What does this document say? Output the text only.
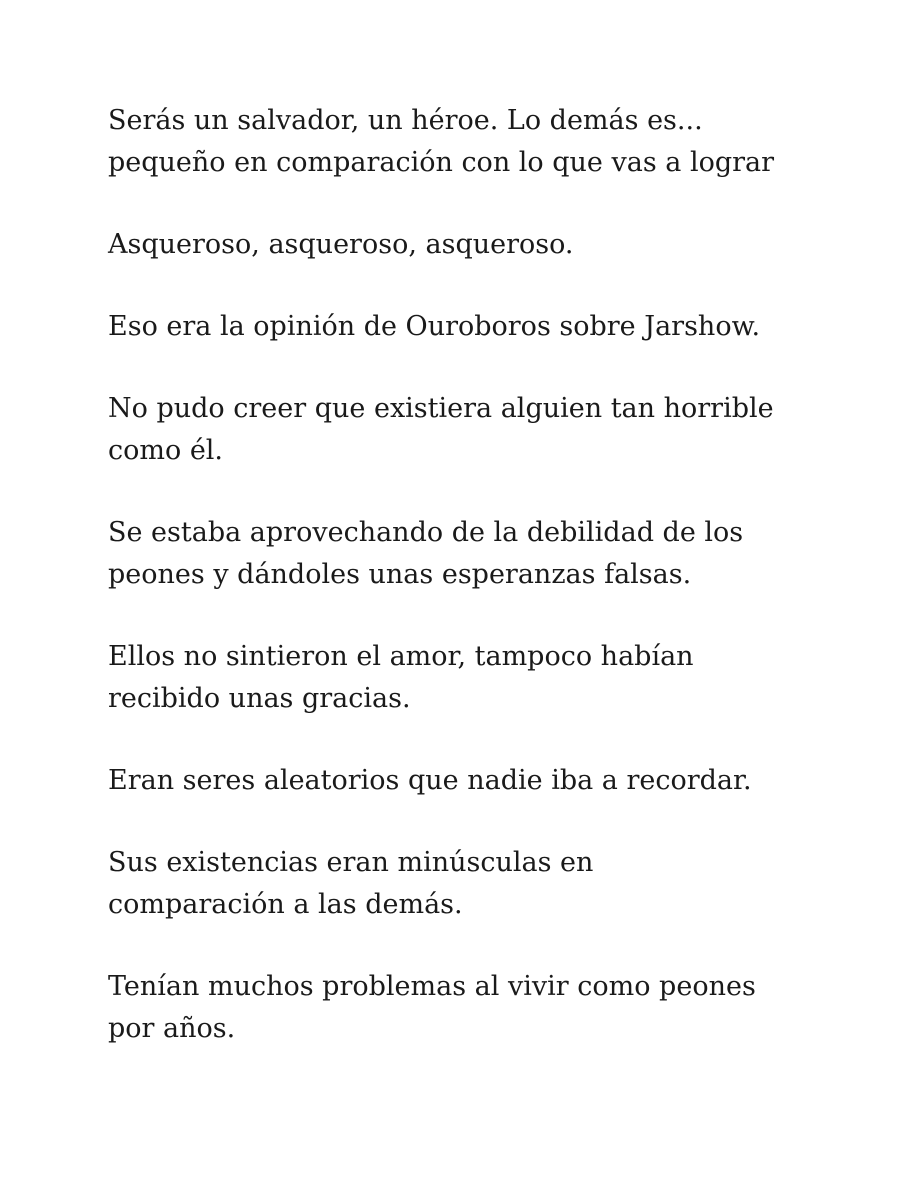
Serás un salvador, un héroe. Lo demás es...
pequeño en comparación con lo que vas a lograr

Asqueroso, asqueroso, asqueroso.

Eso era la opinión de Ouroboros sobre Jarshow.

No pudo creer que existiera alguien tan horrible
como él.

Se estaba aprovechando de la debilidad de los
peones y dándoles unas esperanzas falsas.

Ellos no sintieron el amor, tampoco habían
recibido unas gracias.

Eran seres aleatorios que nadie iba a recordar.

Sus existencias eran minúsculas en
comparación a las demás.

Tenían muchos problemas al vivir como peones
por años.
